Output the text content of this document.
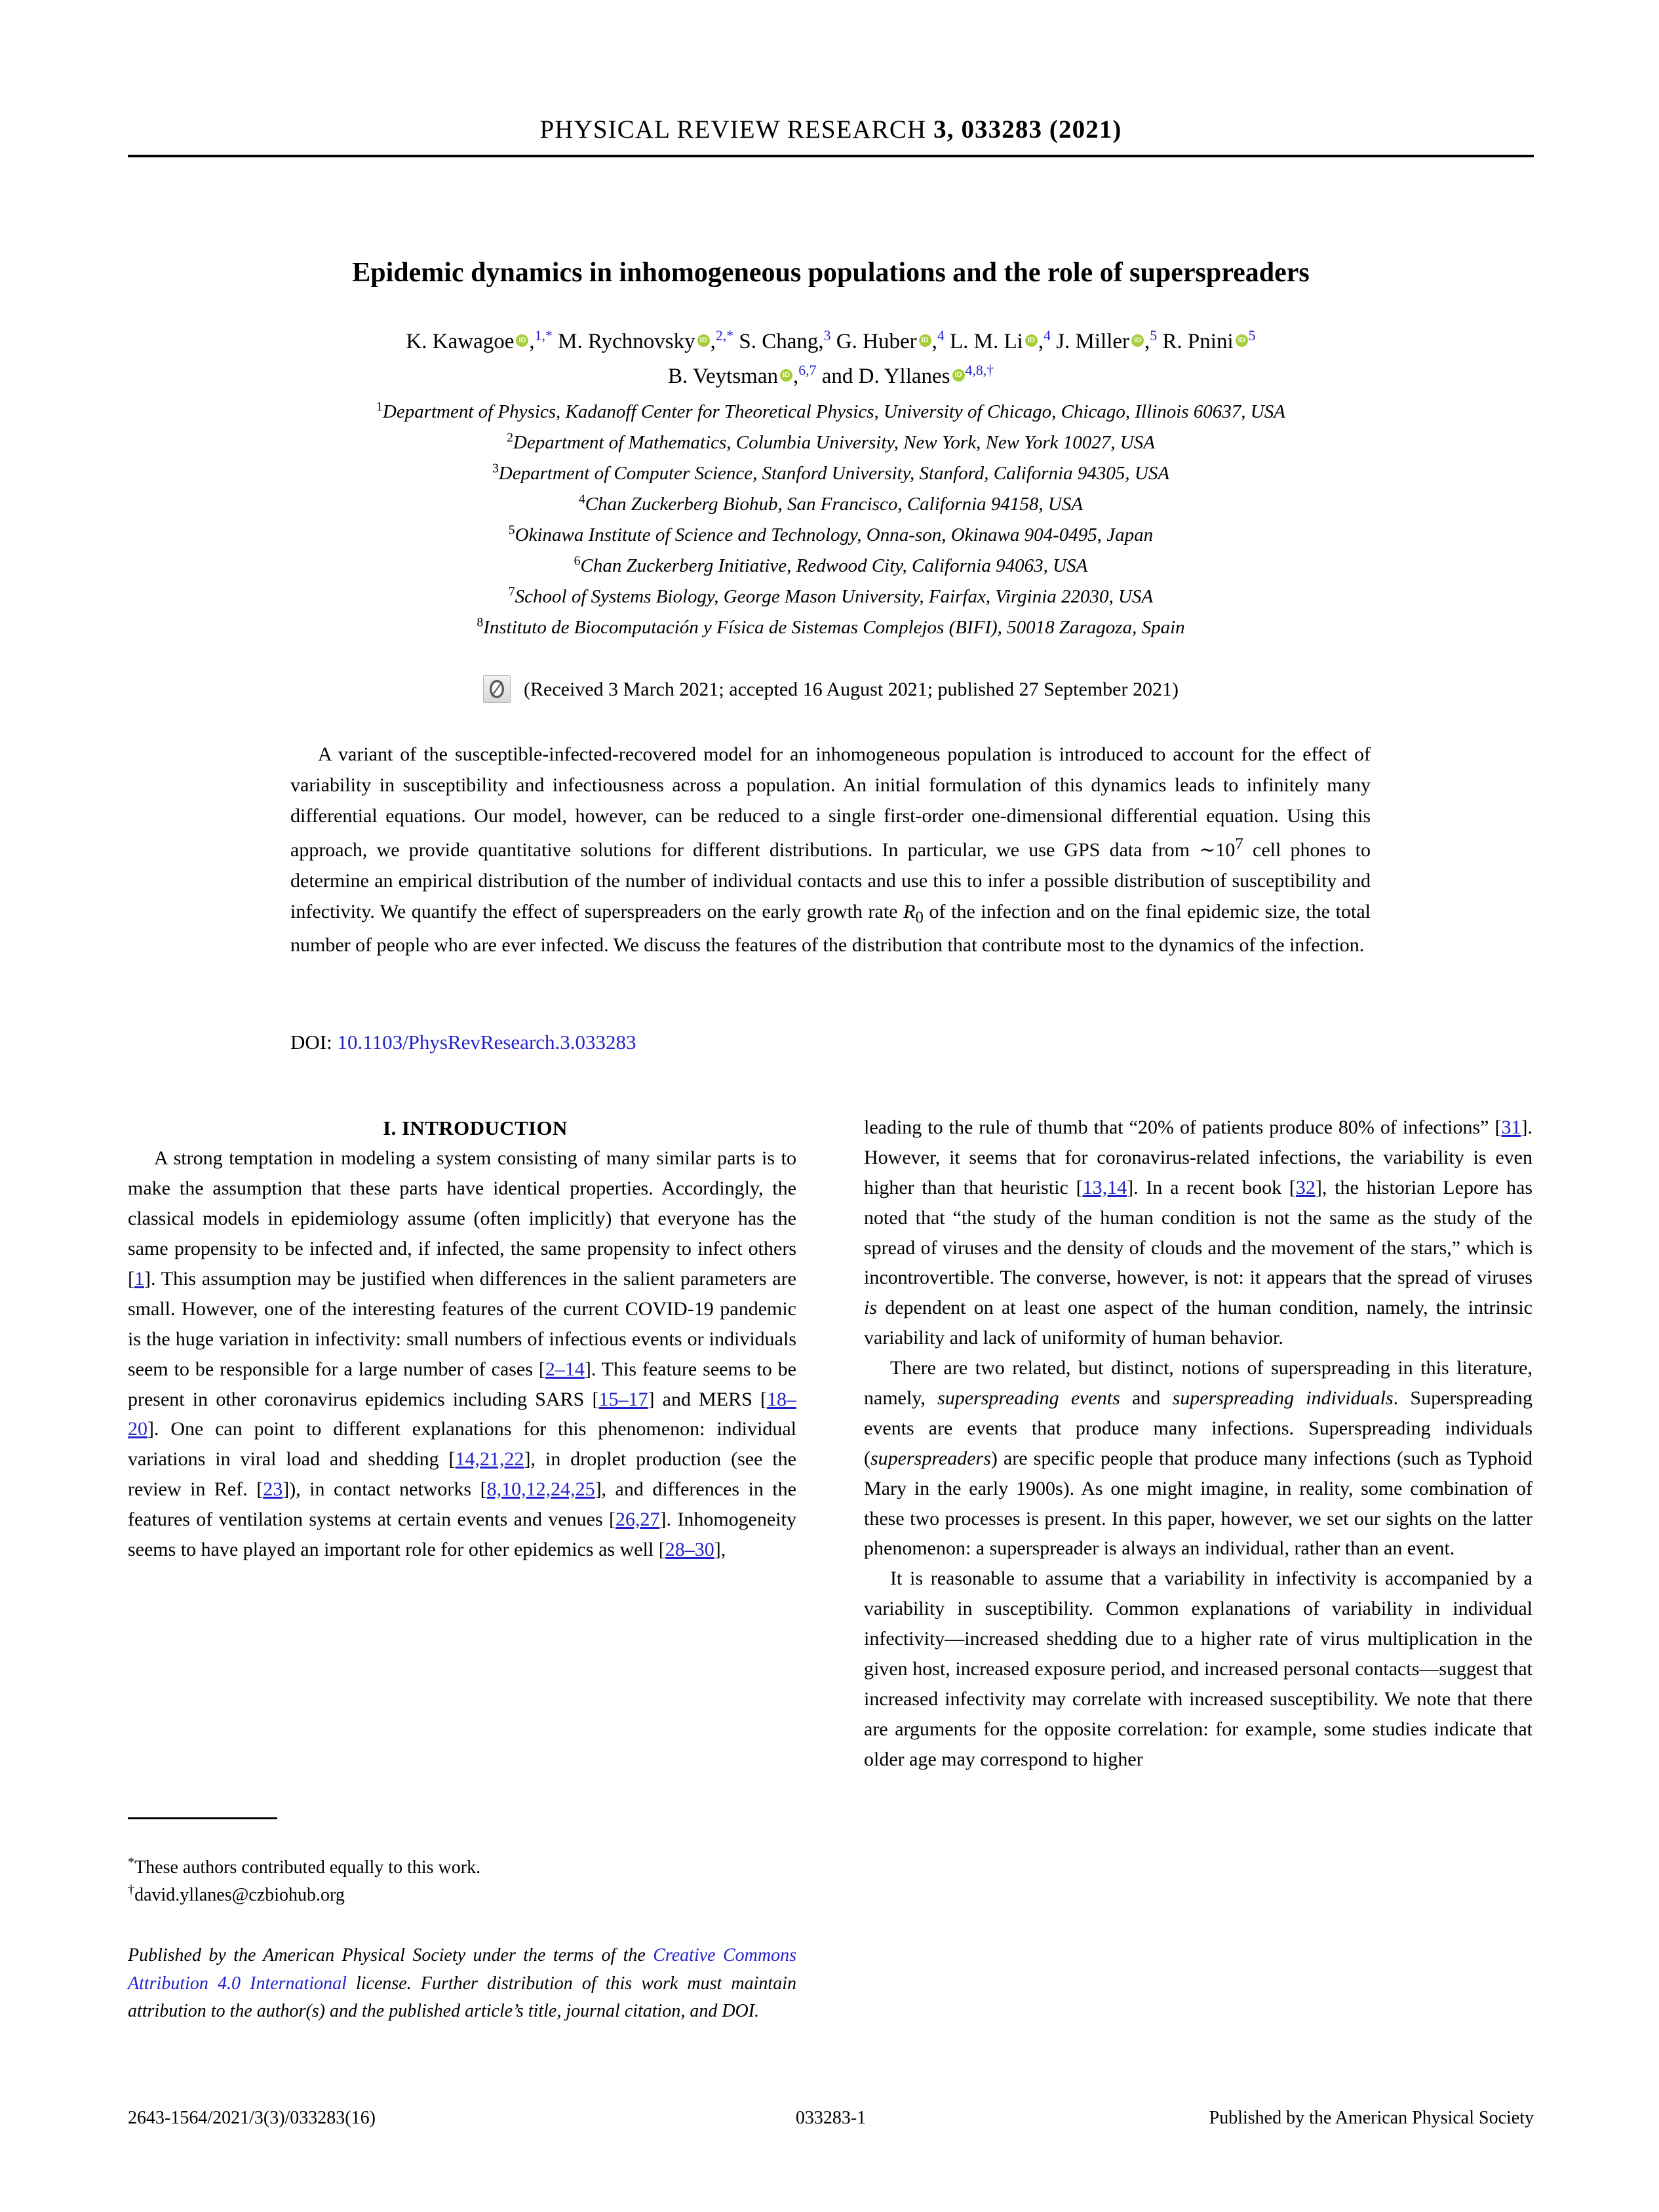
PHYSICAL REVIEW RESEARCH 3, 033283 (2021)
Epidemic dynamics in inhomogeneous populations and the role of superspreaders
K. Kawagoe iD ,$^{1,*}$ M. Rychnovsky iD ,$^{2,*}$ S. Chang,$^3$ G. Huber iD ,$^4$ L. M. Li iD ,$^4$ J. Miller iD ,$^5$ R. Pnini iD $^5$
B. Veytsman iD ,$^{6,7}$ and D. Yllanes iD $^{4,8,\dagger}$
$^1$Department of Physics, Kadanoff Center for Theoretical Physics, University of Chicago, Chicago, Illinois 60637, USA
$^2$Department of Mathematics, Columbia University, New York, New York 10027, USA
$^3$Department of Computer Science, Stanford University, Stanford, California 94305, USA
$^4$Chan Zuckerberg Biohub, San Francisco, California 94158, USA
$^5$Okinawa Institute of Science and Technology, Onna-son, Okinawa 904-0495, Japan
$^6$Chan Zuckerberg Initiative, Redwood City, California 94063, USA
$^7$School of Systems Biology, George Mason University, Fairfax, Virginia 22030, USA
$^8$Instituto de Biocomputación y Física de Sistemas Complejos (BIFI), 50018 Zaragoza, Spain
(Received 3 March 2021; accepted 16 August 2021; published 27 September 2021)

A variant of the susceptible-infected-recovered model for an inhomogeneous population is introduced to account for the effect of variability in susceptibility and infectiousness across a population. An initial formulation of this dynamics leads to infinitely many differential equations. Our model, however, can be reduced to a single first-order one-dimensional differential equation. Using this approach, we provide quantitative solutions for different distributions. In particular, we use GPS data from $\sim 10^7$ cell phones to determine an empirical distribution of the number of individual contacts and use this to infer a possible distribution of susceptibility and infectivity. We quantify the effect of superspreaders on the early growth rate $R_0$ of the infection and on the final epidemic size, the total number of people who are ever infected. We discuss the features of the distribution that contribute most to the dynamics of the infection.

DOI: 10.1103/PhysRevResearch.3.033283

I. INTRODUCTION

A strong temptation in modeling a system consisting of many similar parts is to make the assumption that these parts have identical properties. Accordingly, the classical models in epidemiology assume (often implicitly) that everyone has the same propensity to be infected and, if infected, the same propensity to infect others [1]. This assumption may be justified when differences in the salient parameters are small. However, one of the interesting features of the current COVID-19 pandemic is the huge variation in infectivity: small numbers of infectious events or individuals seem to be responsible for a large number of cases [2–14]. This feature seems to be present in other coronavirus epidemics including SARS [15–17] and MERS [18–20]. One can point to different explanations for this phenomenon: individual variations in viral load and shedding [14,21,22], in droplet production (see the review in Ref. [23]), in contact networks [8,10,12,24,25], and differences in the features of ventilation systems at certain events and venues [26,27]. Inhomogeneity seems to have played an important role for other epidemics as well [28–30],

leading to the rule of thumb that “20% of patients produce 80% of infections” [31]. However, it seems that for coronavirus-related infections, the variability is even higher than that heuristic [13,14]. In a recent book [32], the historian Lepore has noted that “the study of the human condition is not the same as the study of the spread of viruses and the density of clouds and the movement of the stars,” which is incontrovertible. The converse, however, is not: it appears that the spread of viruses is dependent on at least one aspect of the human condition, namely, the intrinsic variability and lack of uniformity of human behavior.

There are two related, but distinct, notions of superspreading in this literature, namely, superspreading events and superspreading individuals. Superspreading events are events that produce many infections. Superspreading individuals (superspreaders) are specific people that produce many infections (such as Typhoid Mary in the early 1900s). As one might imagine, in reality, some combination of these two processes is present. In this paper, however, we set our sights on the latter phenomenon: a superspreader is always an individual, rather than an event.

It is reasonable to assume that a variability in infectivity is accompanied by a variability in susceptibility. Common explanations of variability in individual infectivity—increased shedding due to a higher rate of virus multiplication in the given host, increased exposure period, and increased personal contacts—suggest that increased infectivity may correlate with increased susceptibility. We note that there are arguments for the opposite correlation: for example, some studies indicate that older age may correspond to higher

*These authors contributed equally to this work.
†david.yllanes@czbiohub.org
Published by the American Physical Society under the terms of the Creative Commons Attribution 4.0 International license. Further distribution of this work must maintain attribution to the author(s) and the published article’s title, journal citation, and DOI.
2643-1564/2021/3(3)/033283(16)	033283-1	Published by the American Physical Society
